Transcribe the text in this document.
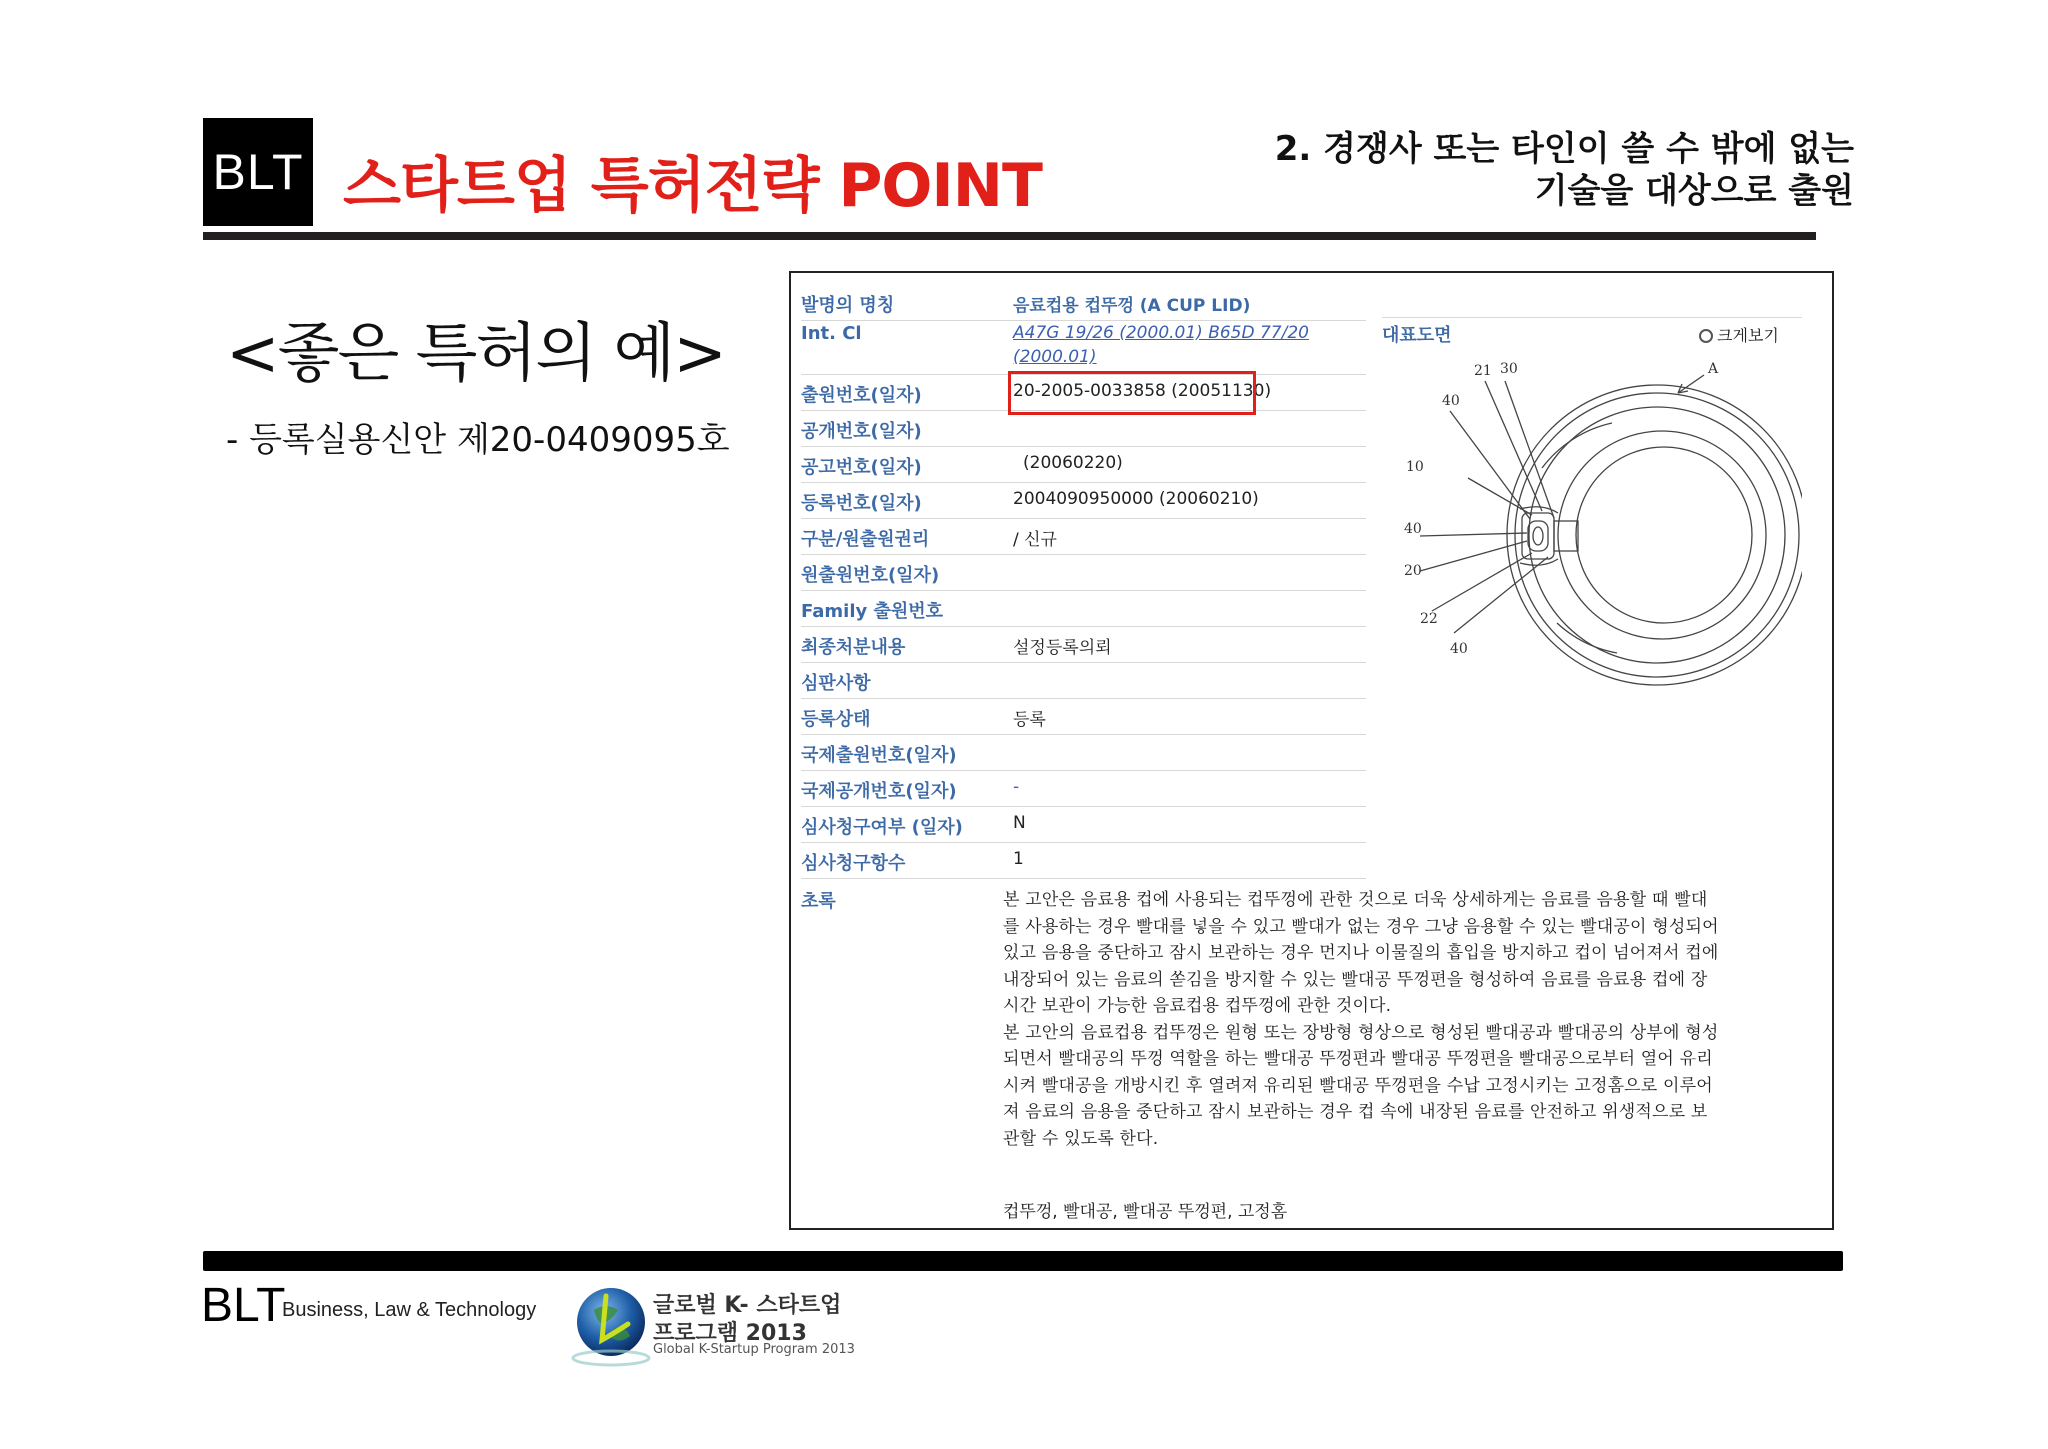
BLT 스타트업 특허전략 POINT
2. 경쟁사 또는 타인이 쓸 수 밖에 없는
기술을 대상으로 출원
<좋은 특허의 예>
- 등록실용신안 제20-0409095호
발명의 명칭	음료컵용 컵뚜껑 (A CUP LID)
Int. Cl	A47G 19/26 (2000.01) B65D 77/20
(2000.01)
출원번호(일자)	20-2005-0033858 (20051130)
공개번호(일자)
공고번호(일자)	(20060220)
등록번호(일자)	2004090950000 (20060210)
구분/원출원권리	/ 신규
원출원번호(일자)
Family 출원번호
최종처분내용	설정등록의뢰
심판사항
등록상태	등록
국제출원번호(일자)
국제공개번호(일자)	-
심사청구여부 (일자)	N
심사청구항수	1
대표도면	크게보기
A
21 30
40
10
40
20
22
40
초록	본 고안은 음료용 컵에 사용되는 컵뚜껑에 관한 것으로 더욱 상세하게는 음료를 음용할 때 빨대
를 사용하는 경우 빨대를 넣을 수 있고 빨대가 없는 경우 그냥 음용할 수 있는 빨대공이 형성되어
있고 음용을 중단하고 잠시 보관하는 경우 먼지나 이물질의 흡입을 방지하고 컵이 넘어져서 컵에
내장되어 있는 음료의 쏟김을 방지할 수 있는 빨대공 뚜껑편을 형성하여 음료를 음료용 컵에 장
시간 보관이 가능한 음료컵용 컵뚜껑에 관한 것이다.
본 고안의 음료컵용 컵뚜껑은 원형 또는 장방형 형상으로 형성된 빨대공과 빨대공의 상부에 형성
되면서 빨대공의 뚜껑 역할을 하는 빨대공 뚜껑편과 빨대공 뚜껑편을 빨대공으로부터 열어 유리
시켜 빨대공을 개방시킨 후 열려져 유리된 빨대공 뚜껑편을 수납 고정시키는 고정홈으로 이루어
져 음료의 음용을 중단하고 잠시 보관하는 경우 컵 속에 내장된 음료를 안전하고 위생적으로 보
관할 수 있도록 한다.
컵뚜껑, 빨대공, 빨대공 뚜껑편, 고정홈
BLT
Business, Law & Technology	글로벌 K- 스타트업
프로그램 2013
Global K-Startup Program 2013
